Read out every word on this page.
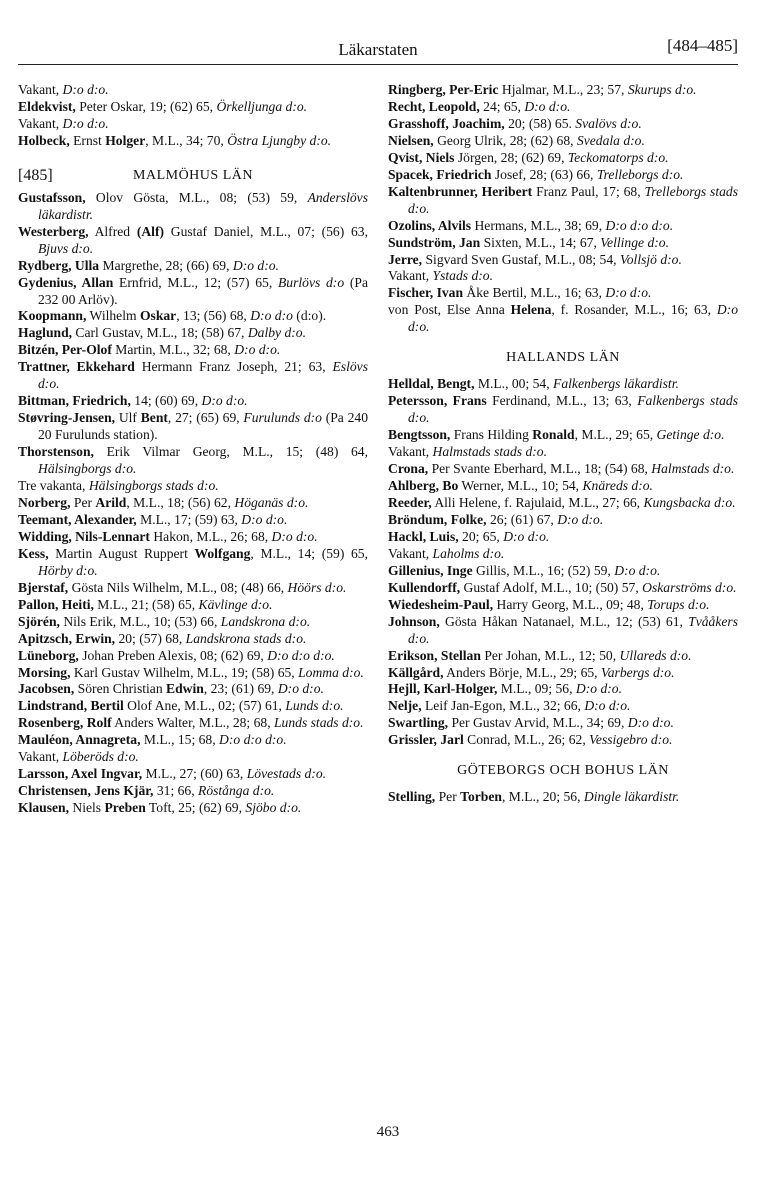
Läkarstaten	[484–485]
Vakant, D:o d:o.
Eldekvist, Peter Oskar, 19; (62) 65, Örkelljunga d:o.
Vakant, D:o d:o.
Holbeck, Ernst Holger, M.L., 34; 70, Östra Ljungby d:o.
[485]	MALMÖHUS LÄN
Gustafsson, Olov Gösta, M.L., 08; (53) 59, Anderslövs läkardistr.
Westerberg, Alfred (Alf) Gustaf Daniel, M.L., 07; (56) 63, Bjuvs d:o.
Rydberg, Ulla Margrethe, 28; (66) 69, D:o d:o.
Gydenius, Allan Ernfrid, M.L., 12; (57) 65, Burlövs d:o (Pa 232 00 Arlöv).
Koopmann, Wilhelm Oskar, 13; (56) 68, D:o d:o (d:o).
Haglund, Carl Gustav, M.L., 18; (58) 67, Dalby d:o.
Bitzén, Per-Olof Martin, M.L., 32; 68, D:o d:o.
Trattner, Ekkehard Hermann Franz Joseph, 21; 63, Eslövs d:o.
Bittman, Friedrich, 14; (60) 69, D:o d:o.
Støvring-Jensen, Ulf Bent, 27; (65) 69, Furulunds d:o (Pa 240 20 Furulunds station).
Thorstenson, Erik Vilmar Georg, M.L., 15; (48) 64, Hälsingborgs d:o.
Tre vakanta, Hälsingborgs stads d:o.
Norberg, Per Arild, M.L., 18; (56) 62, Höganäs d:o.
Teemant, Alexander, M.L., 17; (59) 63, D:o d:o.
Widding, Nils-Lennart Hakon, M.L., 26; 68, D:o d:o.
Kess, Martin August Ruppert Wolfgang, M.L., 14; (59) 65, Hörby d:o.
Bjerstaf, Gösta Nils Wilhelm, M.L., 08; (48) 66, Höörs d:o.
Pallon, Heiti, M.L., 21; (58) 65, Kävlinge d:o.
Sjörén, Nils Erik, M.L., 10; (53) 66, Landskrona d:o.
Apitzsch, Erwin, 20; (57) 68, Landskrona stads d:o.
Lüneborg, Johan Preben Alexis, 08; (62) 69, D:o d:o d:o.
Morsing, Karl Gustav Wilhelm, M.L., 19; (58) 65, Lomma d:o.
Jacobsen, Sören Christian Edwin, 23; (61) 69, D:o d:o.
Lindstrand, Bertil Olof Ane, M.L., 02; (57) 61, Lunds d:o.
Rosenberg, Rolf Anders Walter, M.L., 28; 68, Lunds stads d:o.
Mauléon, Annagreta, M.L., 15; 68, D:o d:o d:o.
Vakant, Löberöds d:o.
Larsson, Axel Ingvar, M.L., 27; (60) 63, Lövestads d:o.
Christensen, Jens Kjär, 31; 66, Röstånga d:o.
Klausen, Niels Preben Toft, 25; (62) 69, Sjöbo d:o.
Ringberg, Per-Eric Hjalmar, M.L., 23; 57, Skurups d:o.
Recht, Leopold, 24; 65, D:o d:o.
Grasshoff, Joachim, 20; (58) 65. Svalövs d:o.
Nielsen, Georg Ulrik, 28; (62) 68, Svedala d:o.
Qvist, Niels Jörgen, 28; (62) 69, Teckomatorps d:o.
Spacek, Friedrich Josef, 28; (63) 66, Trelleborgs d:o.
Kaltenbrunner, Heribert Franz Paul, 17; 68, Trelleborgs stads d:o.
Ozolins, Alvils Hermans, M.L., 38; 69, D:o d:o d:o.
Sundström, Jan Sixten, M.L., 14; 67, Vellinge d:o.
Jerre, Sigvard Sven Gustaf, M.L., 08; 54, Vollsjö d:o.
Vakant, Ystads d:o.
Fischer, Ivan Åke Bertil, M.L., 16; 63, D:o d:o.
von Post, Else Anna Helena, f. Rosander, M.L., 16; 63, D:o d:o.
HALLANDS LÄN
Helldal, Bengt, M.L., 00; 54, Falkenbergs läkardistr.
Petersson, Frans Ferdinand, M.L., 13; 63, Falkenbergs stads d:o.
Bengtsson, Frans Hilding Ronald, M.L., 29; 65, Getinge d:o.
Vakant, Halmstads stads d:o.
Crona, Per Svante Eberhard, M.L., 18; (54) 68, Halmstads d:o.
Ahlberg, Bo Werner, M.L., 10; 54, Knäreds d:o.
Reeder, Alli Helene, f. Rajulaid, M.L., 27; 66, Kungsbacka d:o.
Bröndum, Folke, 26; (61) 67, D:o d:o.
Hackl, Luis, 20; 65, D:o d:o.
Vakant, Laholms d:o.
Gillenius, Inge Gillis, M.L., 16; (52) 59, D:o d:o.
Kullendorff, Gustaf Adolf, M.L., 10; (50) 57, Oskarströms d:o.
Wiedesheim-Paul, Harry Georg, M.L., 09; 48, Torups d:o.
Johnson, Gösta Håkan Natanael, M.L., 12; (53) 61, Tvååkers d:o.
Erikson, Stellan Per Johan, M.L., 12; 50, Ullareds d:o.
Källgård, Anders Börje, M.L., 29; 65, Varbergs d:o.
Hejll, Karl-Holger, M.L., 09; 56, D:o d:o.
Nelje, Leif Jan-Egon, M.L., 32; 66, D:o d:o.
Swartling, Per Gustav Arvid, M.L., 34; 69, D:o d:o.
Grissler, Jarl Conrad, M.L., 26; 62, Vessigebro d:o.
GÖTEBORGS OCH BOHUS LÄN
Stelling, Per Torben, M.L., 20; 56, Dingle läkardistr.
463
